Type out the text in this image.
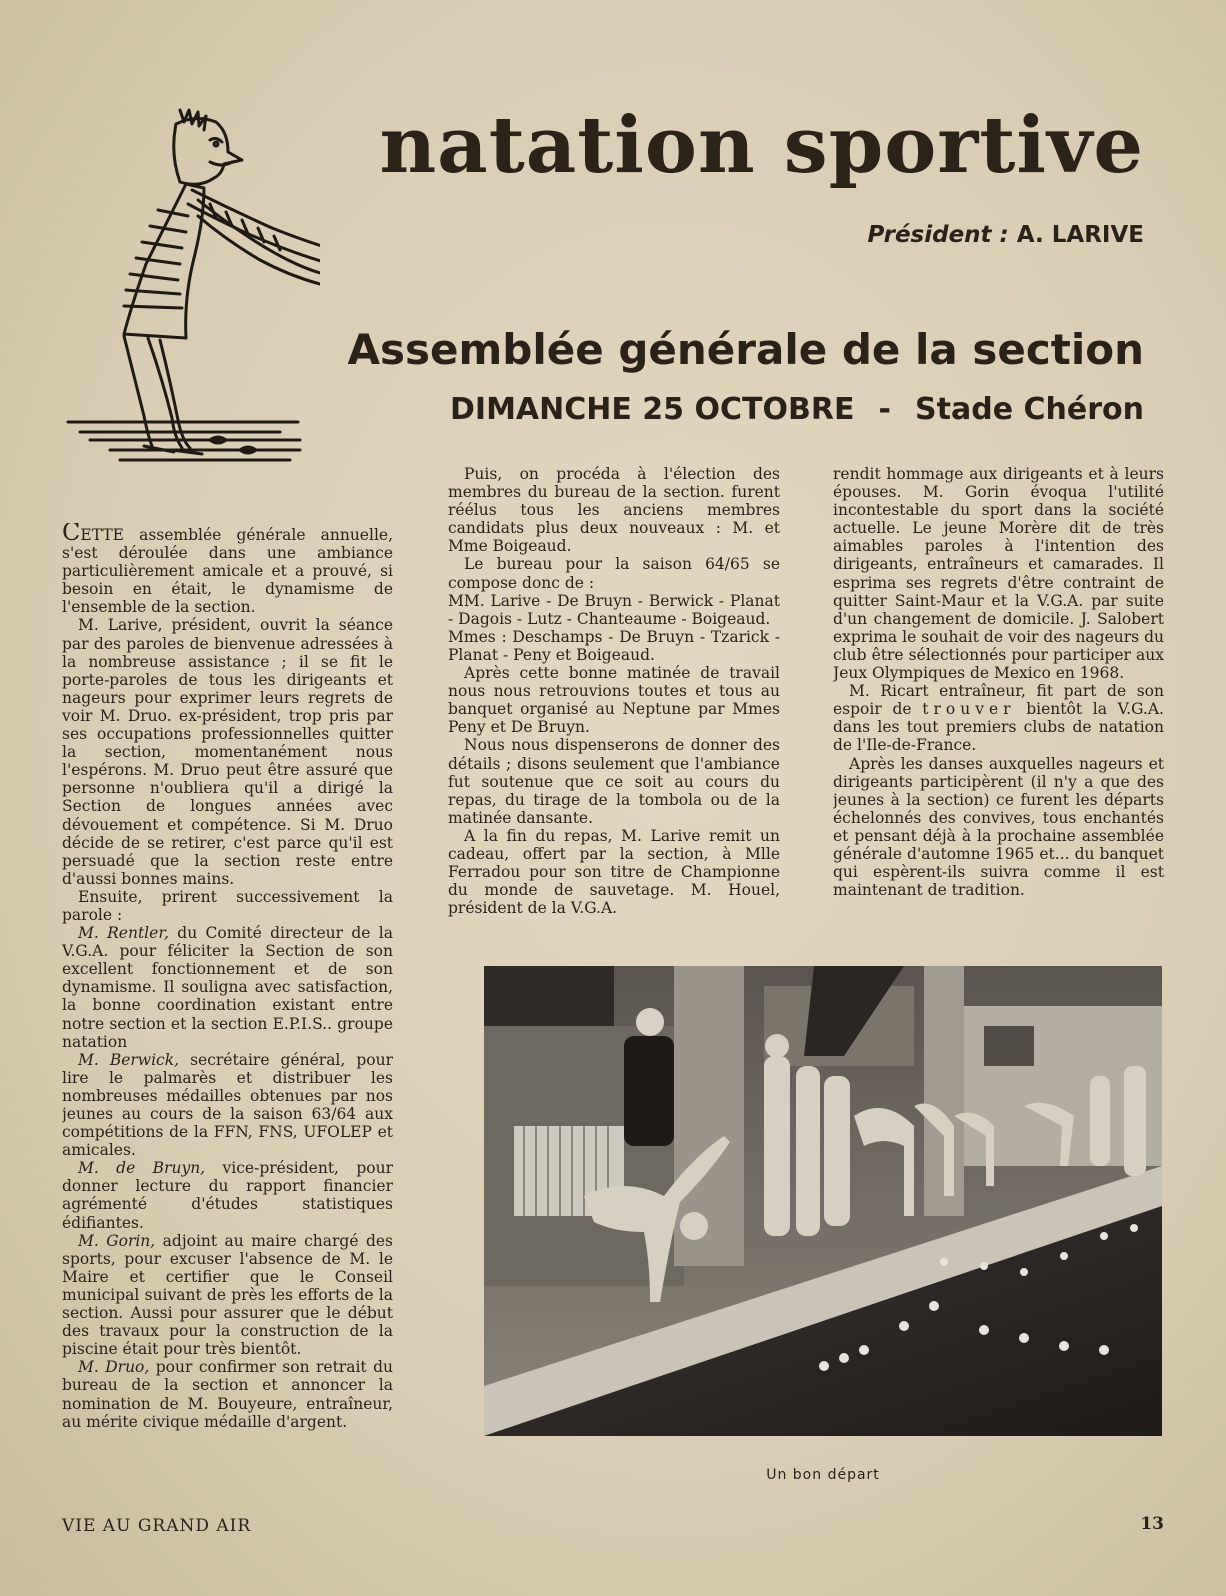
natation sportive
Président : A. LARIVE
Assemblée générale de la section
DIMANCHE 25 OCTOBRE - Stade Chéron

CETTE assemblée générale annuelle, s'est déroulée dans une ambiance particulièrement amicale et a prouvé, si besoin en était, le dynamisme de l'ensemble de la section.

M. Larive, président, ouvrit la séance par des paroles de bienvenue adressées à la nombreuse assistance ; il se fit le porte-paroles de tous les dirigeants et nageurs pour exprimer leurs regrets de voir M. Druo. ex-président, trop pris par ses occupations professionnelles quitter la section, momentanément nous l'espérons. M. Druo peut être assuré que personne n'oubliera qu'il a dirigé la Section de longues années avec dévouement et compétence. Si M. Druo décide de se retirer, c'est parce qu'il est persuadé que la section reste entre d'aussi bonnes mains.

Ensuite, prirent successivement la parole :

M. Rentler, du Comité directeur de la V.G.A. pour féliciter la Section de son excellent fonctionnement et de son dynamisme. Il souligna avec satisfaction, la bonne coordination existant entre notre section et la section E.P.I.S.. groupe natation

M. Berwick, secrétaire général, pour lire le palmarès et distribuer les nombreuses médailles obtenues par nos jeunes au cours de la saison 63/64 aux compétitions de la FFN, FNS, UFOLEP et amicales.

M. de Bruyn, vice-président, pour donner lecture du rapport financier agrémenté d'études statistiques édifiantes.

M. Gorin, adjoint au maire chargé des sports, pour excuser l'absence de M. le Maire et certifier que le Conseil municipal suivant de près les efforts de la section. Aussi pour assurer que le début des travaux pour la construction de la piscine était pour très bientôt.

M. Druo, pour confirmer son retrait du bureau de la section et annoncer la nomination de M. Bouyeure, entraîneur, au mérite civique médaille d'argent.

Puis, on procéda à l'élection des membres du bureau de la section. furent réélus tous les anciens membres candidats plus deux nouveaux : M. et Mme Boigeaud.

Le bureau pour la saison 64/65 se compose donc de :

MM. Larive - De Bruyn - Berwick - Planat - Dagois - Lutz - Chanteaume - Boigeaud.

Mmes : Deschamps - De Bruyn - Tzarick - Planat - Peny et Boigeaud.

Après cette bonne matinée de travail nous nous retrouvions toutes et tous au banquet organisé au Neptune par Mmes Peny et De Bruyn.

Nous nous dispenserons de donner des détails ; disons seulement que l'ambiance fut soutenue que ce soit au cours du repas, du tirage de la tombola ou de la matinée dansante.

A la fin du repas, M. Larive remit un cadeau, offert par la section, à Mlle Ferradou pour son titre de Championne du monde de sauvetage. M. Houel, président de la V.G.A.

rendit hommage aux dirigeants et à leurs épouses. M. Gorin évoqua l'utilité incontestable du sport dans la société actuelle. Le jeune Morère dit de très aimables paroles à l'intention des dirigeants, entraîneurs et camarades. Il esprima ses regrets d'être contraint de quitter Saint-Maur et la V.G.A. par suite d'un changement de domicile. J. Salobert exprima le souhait de voir des nageurs du club être sélectionnés pour participer aux Jeux Olympiques de Mexico en 1968.

M. Ricart entraîneur, fit part de son espoir de trouver bientôt la V.G.A. dans les tout premiers clubs de natation de l'Ile-de-France.

Après les danses auxquelles nageurs et dirigeants participèrent (il n'y a que des jeunes à la section) ce furent les départs échelonnés des convives, tous enchantés et pensant déjà à la prochaine assemblée générale d'automne 1965 et... du banquet qui espèrent-ils suivra comme il est maintenant de tradition.

Un bon départ
VIE AU GRAND AIR	13
